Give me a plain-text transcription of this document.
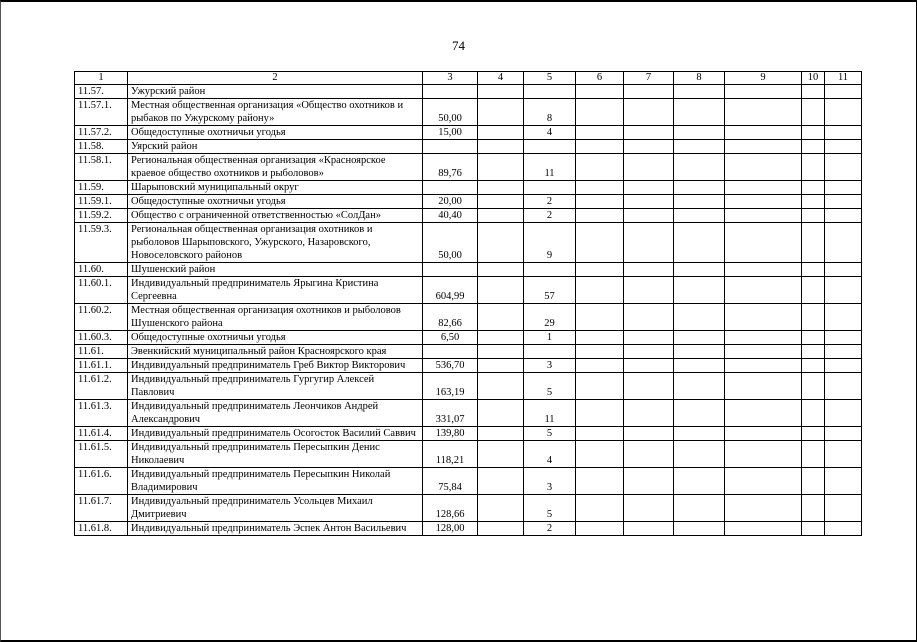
74
1	2	3	4	5	6	7	8	9	10	11
11.57.	Ужурский район									
11.57.1.	Местная общественная организация «Общество охотников и рыбаков по Ужурскому району»	50,00		8						
11.57.2.	Общедоступные охотничьи угодья	15,00		4						
11.58.	Уярский район									
11.58.1.	Региональная общественная организация «Красноярское краевое общество охотников и рыболовов»	89,76		11						
11.59.	Шарыповский муниципальный округ									
11.59.1.	Общедоступные охотничьи угодья	20,00		2						
11.59.2.	Общество с ограниченной ответственностью «СолДан»	40,40		2						
11.59.3.	Региональная общественная организация охотников и рыболовов Шарыповского, Ужурского, Назаровского, Новоселовского районов	50,00		9						
11.60.	Шушенский район									
11.60.1.	Индивидуальный предприниматель Ярыгина Кристина Сергеевна	604,99		57						
11.60.2.	Местная общественная организация охотников и рыболовов Шушенского района	82,66		29						
11.60.3.	Общедоступные охотничьи угодья	6,50		1						
11.61.	Эвенкийский муниципальный район Красноярского края									
11.61.1.	Индивидуальный предприниматель Греб Виктор Викторович	536,70		3						
11.61.2.	Индивидуальный предприниматель Гургугир Алексей Павлович	163,19		5						
11.61.3.	Индивидуальный предприниматель Леончиков Андрей Александрович	331,07		11						
11.61.4.	Индивидуальный предприниматель Осогосток Василий Саввич	139,80		5						
11.61.5.	Индивидуальный предприниматель Пересыпкин Денис Николаевич	118,21		4						
11.61.6.	Индивидуальный предприниматель Пересыпкин Николай Владимирович	75,84		3						
11.61.7.	Индивидуальный предприниматель Усольцев Михаил Дмитриевич	128,66		5						
11.61.8.	Индивидуальный предприниматель Эспек Антон Васильевич	128,00		2						
